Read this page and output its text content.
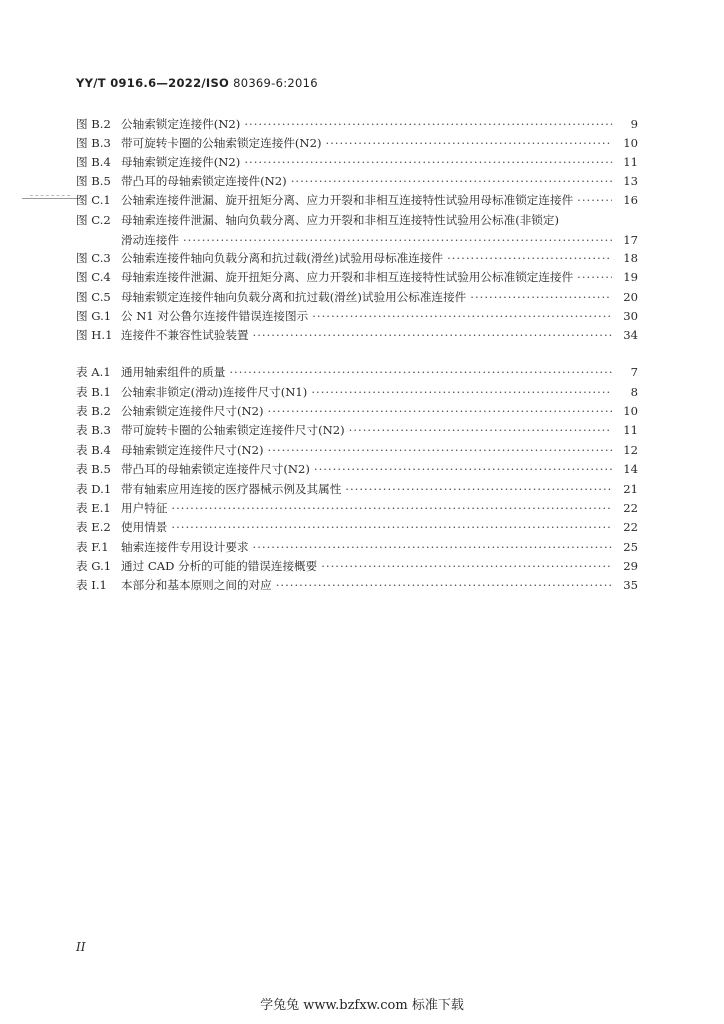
YY/T 0916.6—2022/ISO 80369-6:2016
图 B.2 公轴索锁定连接件(N2) ·····	9
图 B.3 带可旋转卡圈的公轴索锁定连接件(N2) ·····	10
图 B.4 母轴索锁定连接件(N2) ·····	11
图 B.5 带凸耳的母轴索锁定连接件(N2) ·····	13
图 C.1 公轴索连接件泄漏、旋开扭矩分离、应力开裂和非相互连接特性试验用母标准锁定连接件 ·····	16
图 C.2 母轴索连接件泄漏、轴向负载分离、应力开裂和非相互连接特性试验用公标准(非锁定)
滑动连接件 ·····	17
图 C.3 公轴索连接件轴向负载分离和抗过载(滑丝)试验用母标准连接件 ·····	18
图 C.4 母轴索连接件泄漏、旋开扭矩分离、应力开裂和非相互连接特性试验用公标准锁定连接件 ·····	19
图 C.5 母轴索锁定连接件轴向负载分离和抗过载(滑丝)试验用公标准连接件 ·····	20
图 G.1 公 N1 对公鲁尔连接件错误连接图示 ·····	30
图 H.1 连接件不兼容性试验装置 ·····	34
表 A.1 通用轴索组件的质量 ·····	7
表 B.1 公轴索非锁定(滑动)连接件尺寸(N1) ·····	8
表 B.2 公轴索锁定连接件尺寸(N2) ·····	10
表 B.3 带可旋转卡圈的公轴索锁定连接件尺寸(N2) ·····	11
表 B.4 母轴索锁定连接件尺寸(N2) ·····	12
表 B.5 带凸耳的母轴索锁定连接件尺寸(N2) ·····	14
表 D.1 带有轴索应用连接的医疗器械示例及其属性 ·····	21
表 E.1 用户特征 ·····	22
表 E.2 使用情景 ·····	22
表 F.1	轴索连接件专用设计要求 ·····	25
表 G.1 通过 CAD 分析的可能的错误连接概要 ·····	29
表 I.1	本部分和基本原则之间的对应 ·····	35
II
学兔兔 www.bzfxw.com 标准下载
